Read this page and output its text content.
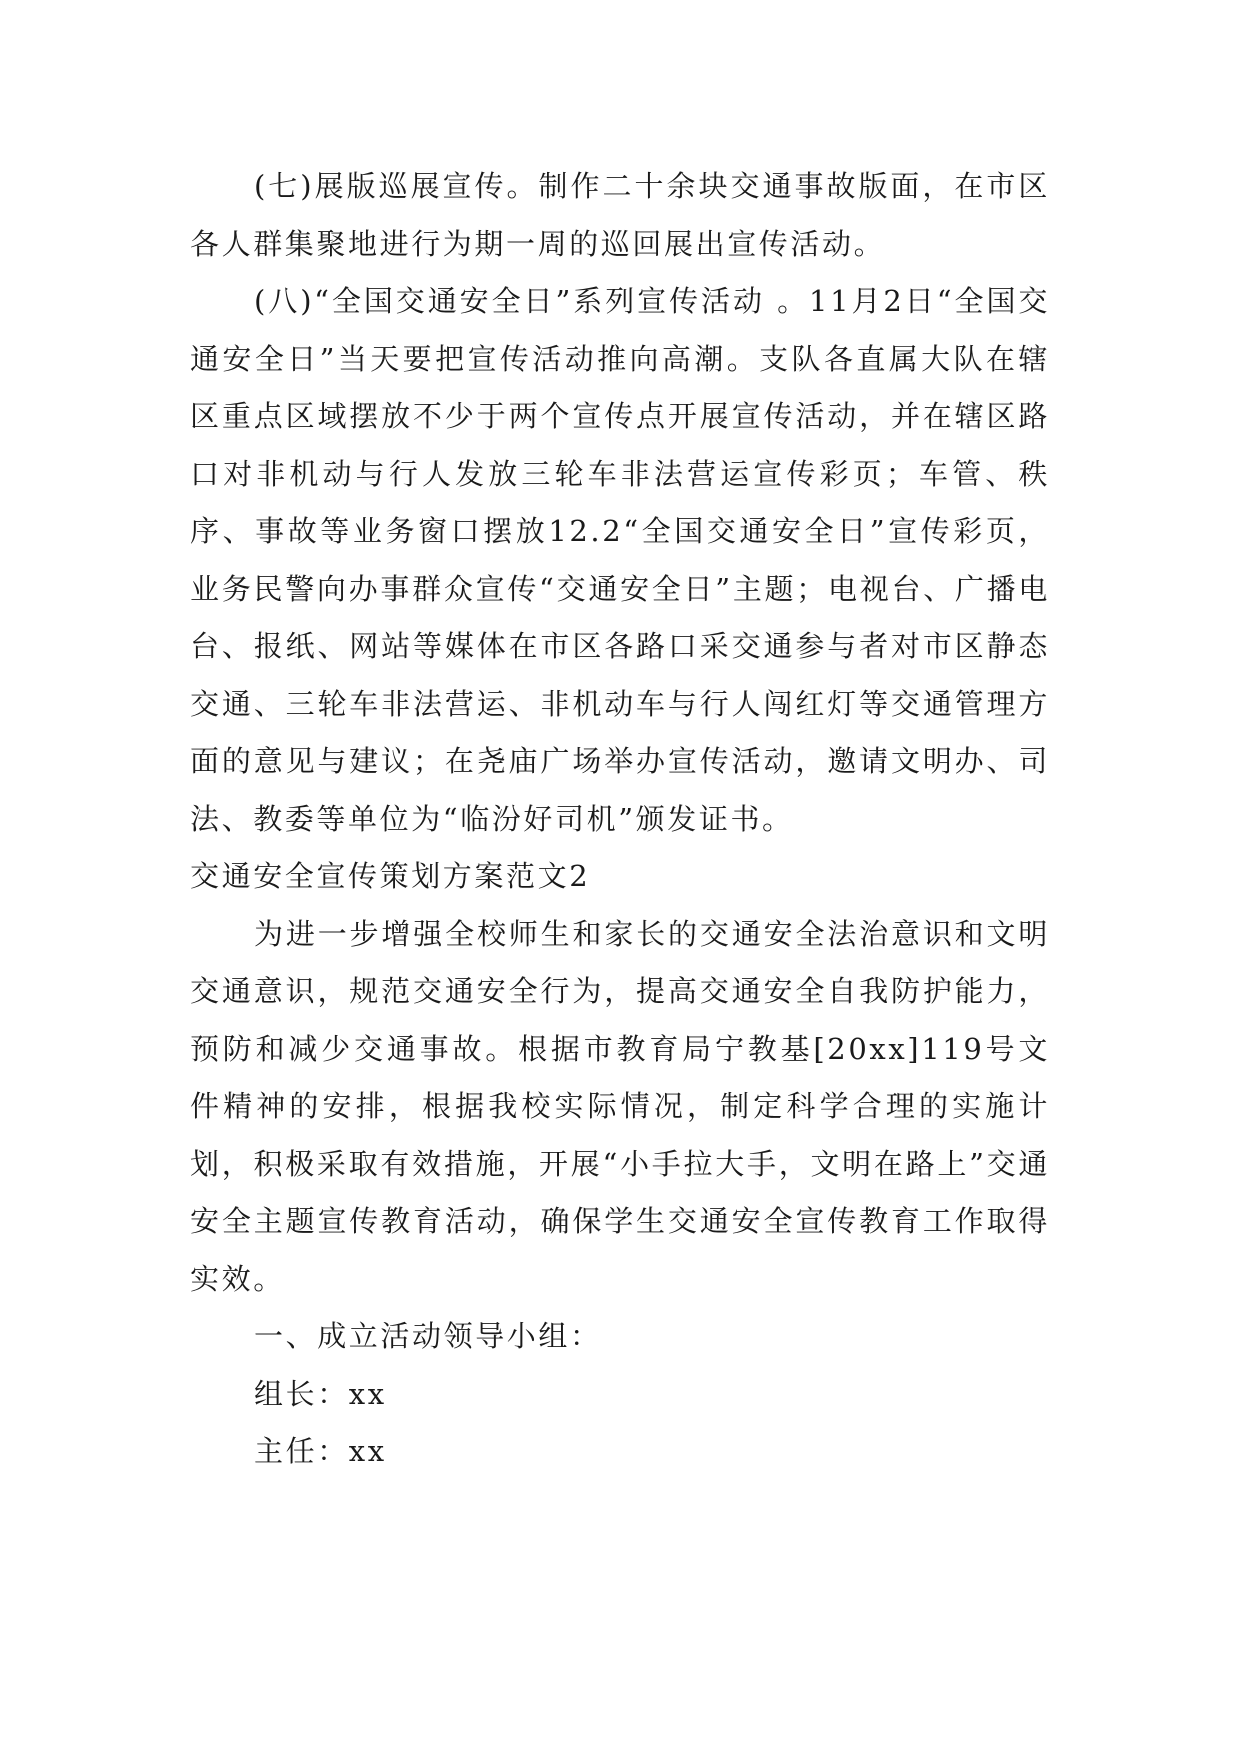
(七)展版巡展宣传。制作二十余块交通事故版面，在市区各人群集聚地进行为期一周的巡回展出宣传活动。

(八)“全国交通安全日”系列宣传活动 。11月2日“全国交通安全日”当天要把宣传活动推向高潮。支队各直属大队在辖区重点区域摆放不少于两个宣传点开展宣传活动，并在辖区路口对非机动与行人发放三轮车非法营运宣传彩页；车管、秩序、事故等业务窗口摆放12.2“全国交通安全日”宣传彩页，业务民警向办事群众宣传“交通安全日”主题；电视台、广播电台、报纸、网站等媒体在市区各路口采交通参与者对市区静态交通、三轮车非法营运、非机动车与行人闯红灯等交通管理方面的意见与建议；在尧庙广场举办宣传活动，邀请文明办、司法、教委等单位为“临汾好司机”颁发证书。

交通安全宣传策划方案范文2

为进一步增强全校师生和家长的交通安全法治意识和文明交通意识，规范交通安全行为，提高交通安全自我防护能力，预防和减少交通事故。根据市教育局宁教基[20xx]119号文件精神的安排，根据我校实际情况，制定科学合理的实施计划，积极采取有效措施，开展“小手拉大手，文明在路上”交通安全主题宣传教育活动，确保学生交通安全宣传教育工作取得实效。

一、成立活动领导小组：

组长：xx

主任：xx
